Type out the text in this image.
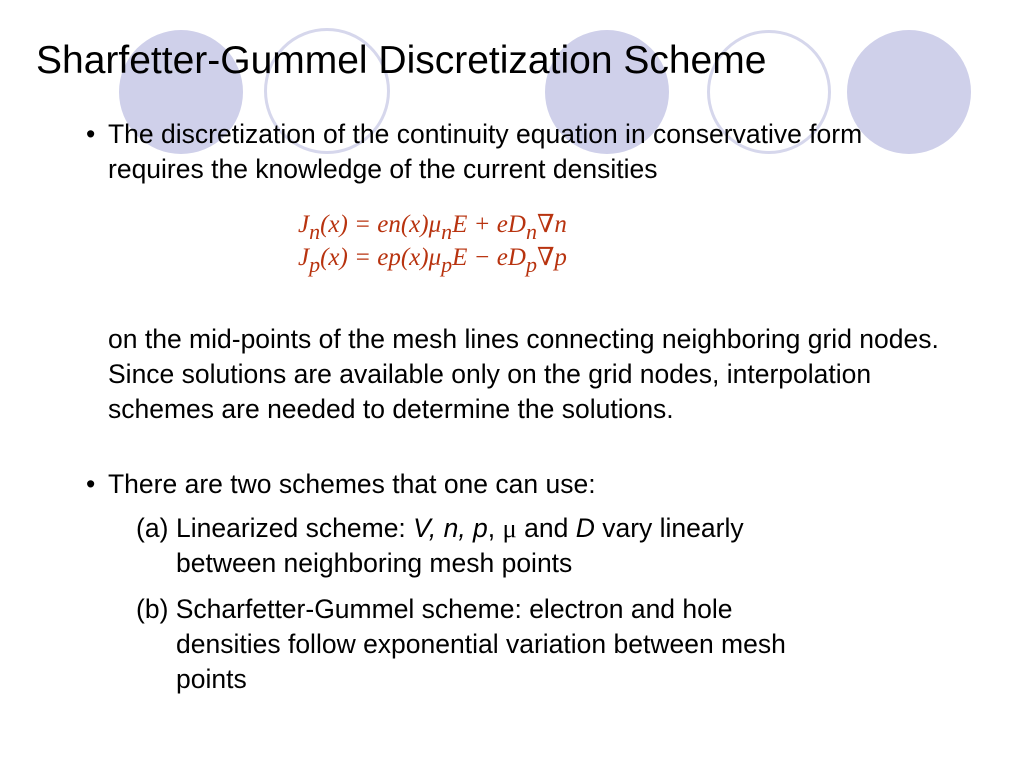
Sharfetter-Gummel Discretization Scheme
• The discretization of the continuity equation in conservative form requires the knowledge of the current densities
$J_n(x) = en(x)\mu_nE + eD_n\nabla n$
$J_p(x) = ep(x)\mu_pE - eD_p\nabla p$

on the mid-points of the mesh lines connecting neighboring grid nodes. Since solutions are available only on the grid nodes, interpolation schemes are needed to determine the solutions.

• There are two schemes that one can use:
(a) Linearized scheme: V, n, p, μ and D vary linearly
between neighboring mesh points
(b) Scharfetter-Gummel scheme: electron and hole
densities follow exponential variation between mesh
points
